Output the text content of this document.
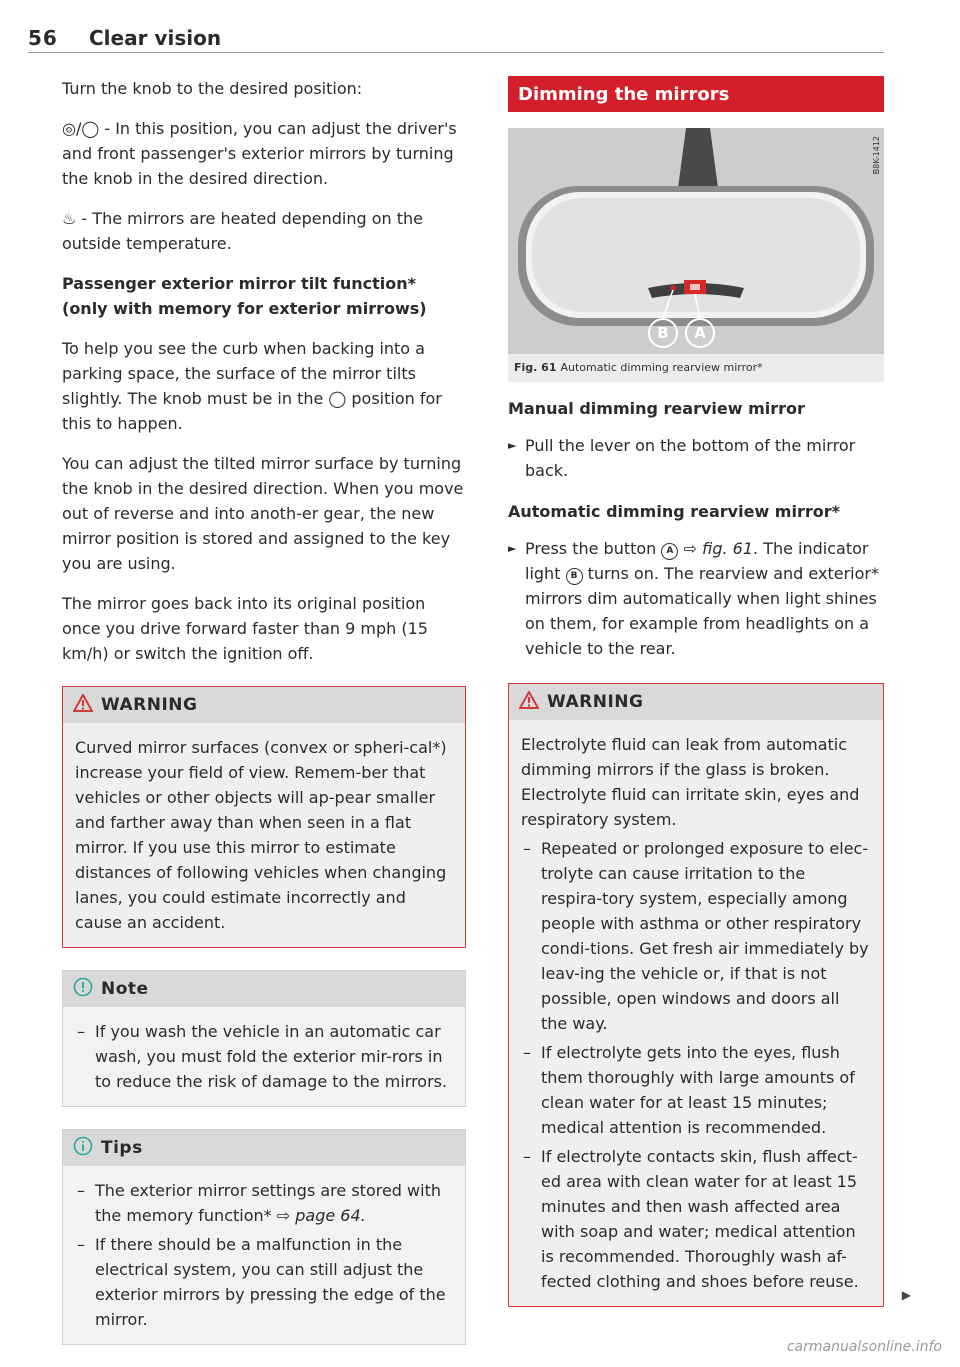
56 Clear vision

Turn the knob to the desired position:

◎/◯ - In this position, you can adjust the driver's and front passenger's exterior mirrors by turning the knob in the desired direction.

♨ - The mirrors are heated depending on the outside temperature.

Passenger exterior mirror tilt function* (only with memory for exterior mirrows)

To help you see the curb when backing into a parking space, the surface of the mirror tilts slightly. The knob must be in the ◯ position for this to happen.

You can adjust the tilted mirror surface by turning the knob in the desired direction. When you move out of reverse and into anoth-er gear, the new mirror position is stored and assigned to the key you are using.

The mirror goes back into its original position once you drive forward faster than 9 mph (15 km/h) or switch the ignition off.

WARNING

Curved mirror surfaces (convex or spheri-cal*) increase your field of view. Remem-ber that vehicles or other objects will ap-pear smaller and farther away than when seen in a flat mirror. If you use this mirror to estimate distances of following vehicles when changing lanes, you could estimate incorrectly and cause an accident.

Note
– If you wash the vehicle in an automatic car wash, you must fold the exterior mir-rors in to reduce the risk of damage to the mirrors.
Tips
– The exterior mirror settings are stored with the memory function* ⇨ page 64.
– If there should be a malfunction in the electrical system, you can still adjust the exterior mirrors by pressing the edge of the mirror.
Dimming the mirrors
B	A
B8K-1412
Fig. 61 Automatic dimming rearview mirror*
Manual dimming rearview mirror
► Pull the lever on the bottom of the mirror back.
Automatic dimming rearview mirror*
► Press the button A ⇨ fig. 61. The indicator light B turns on. The rearview and exterior* mirrors dim automatically when light shines on them, for example from headlights on a vehicle to the rear.
WARNING

Electrolyte fluid can leak from automatic dimming mirrors if the glass is broken. Electrolyte fluid can irritate skin, eyes and respiratory system.

– Repeated or prolonged exposure to elec-trolyte can cause irritation to the respira-tory system, especially among people with asthma or other respiratory condi-tions. Get fresh air immediately by leav-ing the vehicle or, if that is not possible, open windows and doors all the way.
– If electrolyte gets into the eyes, flush them thoroughly with large amounts of clean water for at least 15 minutes; medical attention is recommended.
– If electrolyte contacts skin, flush affect-ed area with clean water for at least 15 minutes and then wash affected area with soap and water; medical attention is recommended. Thoroughly wash af-fected clothing and shoes before reuse.
▶
carmanualsonline.info
